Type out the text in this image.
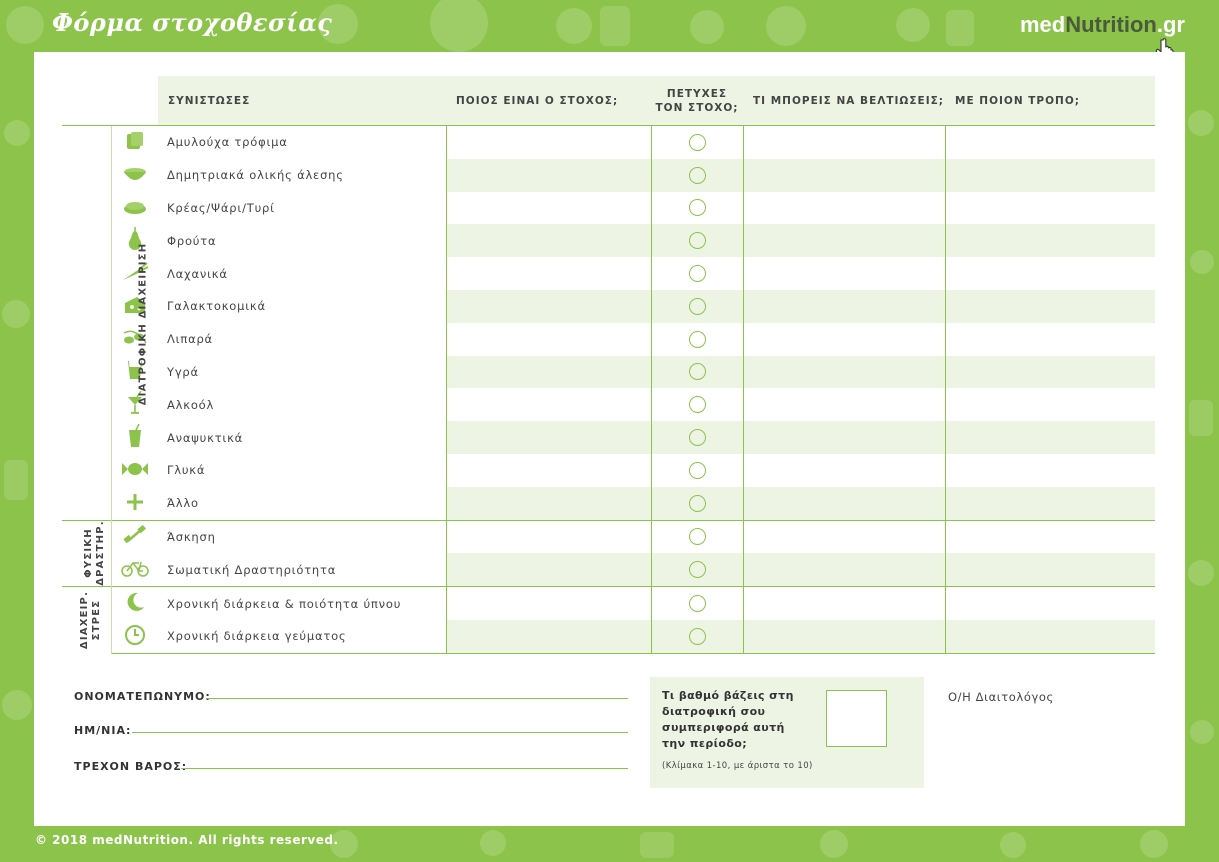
Φόρμα στοχοθεσίας	medNutrition.gr
		ΣΥΝΙΣΤΩΣΕΣ	ΠΟΙΟΣ ΕΙΝΑΙ Ο ΣΤΟΧΟΣ;	ΠΕΤΥΧΕΣ
ΤΟΝ ΣΤΟΧΟ;	ΤΙ ΜΠΟΡΕΙΣ ΝΑ ΒΕΛΤΙΩΣΕΙΣ;	ΜΕ ΠΟΙΟΝ ΤΡΟΠΟ;
ΔΙΑΤΡΟΦΙΚΗ ΔΙΑΧΕΙΡΙΣΗ		Αμυλούχα τρόφιμα				
	Δημητριακά ολικής άλεσης				
	Κρέας/Ψάρι/Τυρί				
	Φρούτα				
	Λαχανικά				
	Γαλακτοκομικά				
	Λιπαρά				
	Υγρά				
	Αλκοόλ				
	Αναψυκτικά				
	Γλυκά				
	Άλλο				
ΦΥΣΙΚΗ
ΔΡΑΣΤΗΡ.		Άσκηση				
	Σωματική Δραστηριότητα				
ΔΙΑΧΕΙΡ.
ΣΤΡΕΣ		Χρονική διάρκεια & ποιότητα ύπνου				
	Χρονική διάρκεια γεύματος				
ΟΝΟΜΑΤΕΠΩΝΥΜΟ:
ΗΜ/ΝΙΑ:
ΤΡΕΧΟΝ ΒΑΡΟΣ:
Τι βαθμό βάζεις στη διατροφική σου συμπεριφορά αυτή την περίοδο;
(Κλίμακα 1-10, με άριστα το 10)
Ο/Η Διαιτολόγος
© 2018 medNutrition. All rights reserved.
